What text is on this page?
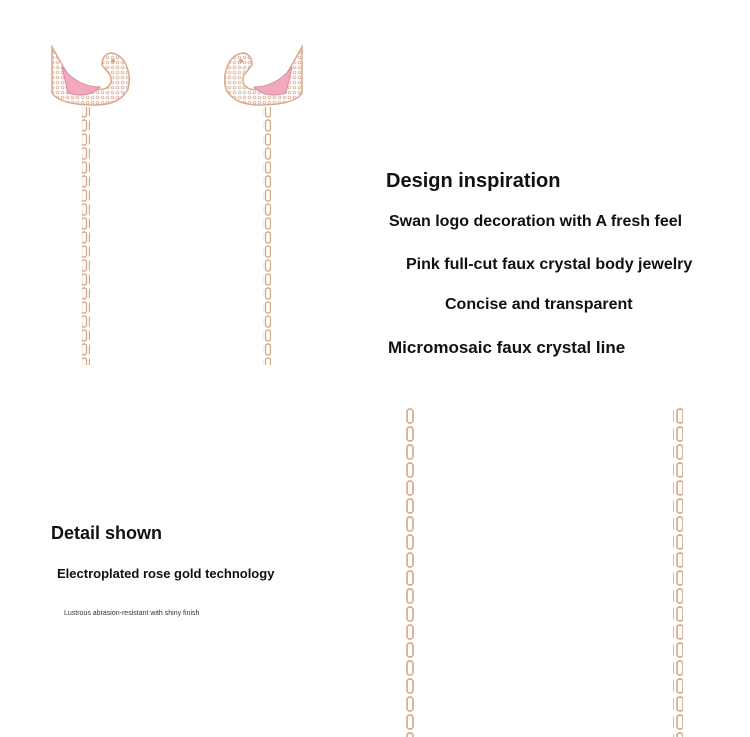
Design inspiration
Swan logo decoration with A fresh feel
Pink full-cut faux crystal body jewelry
Concise and transparent
Micromosaic faux crystal line
Detail shown
Electroplated rose gold technology
Lustrous abrasion-resistant with shiny finish
